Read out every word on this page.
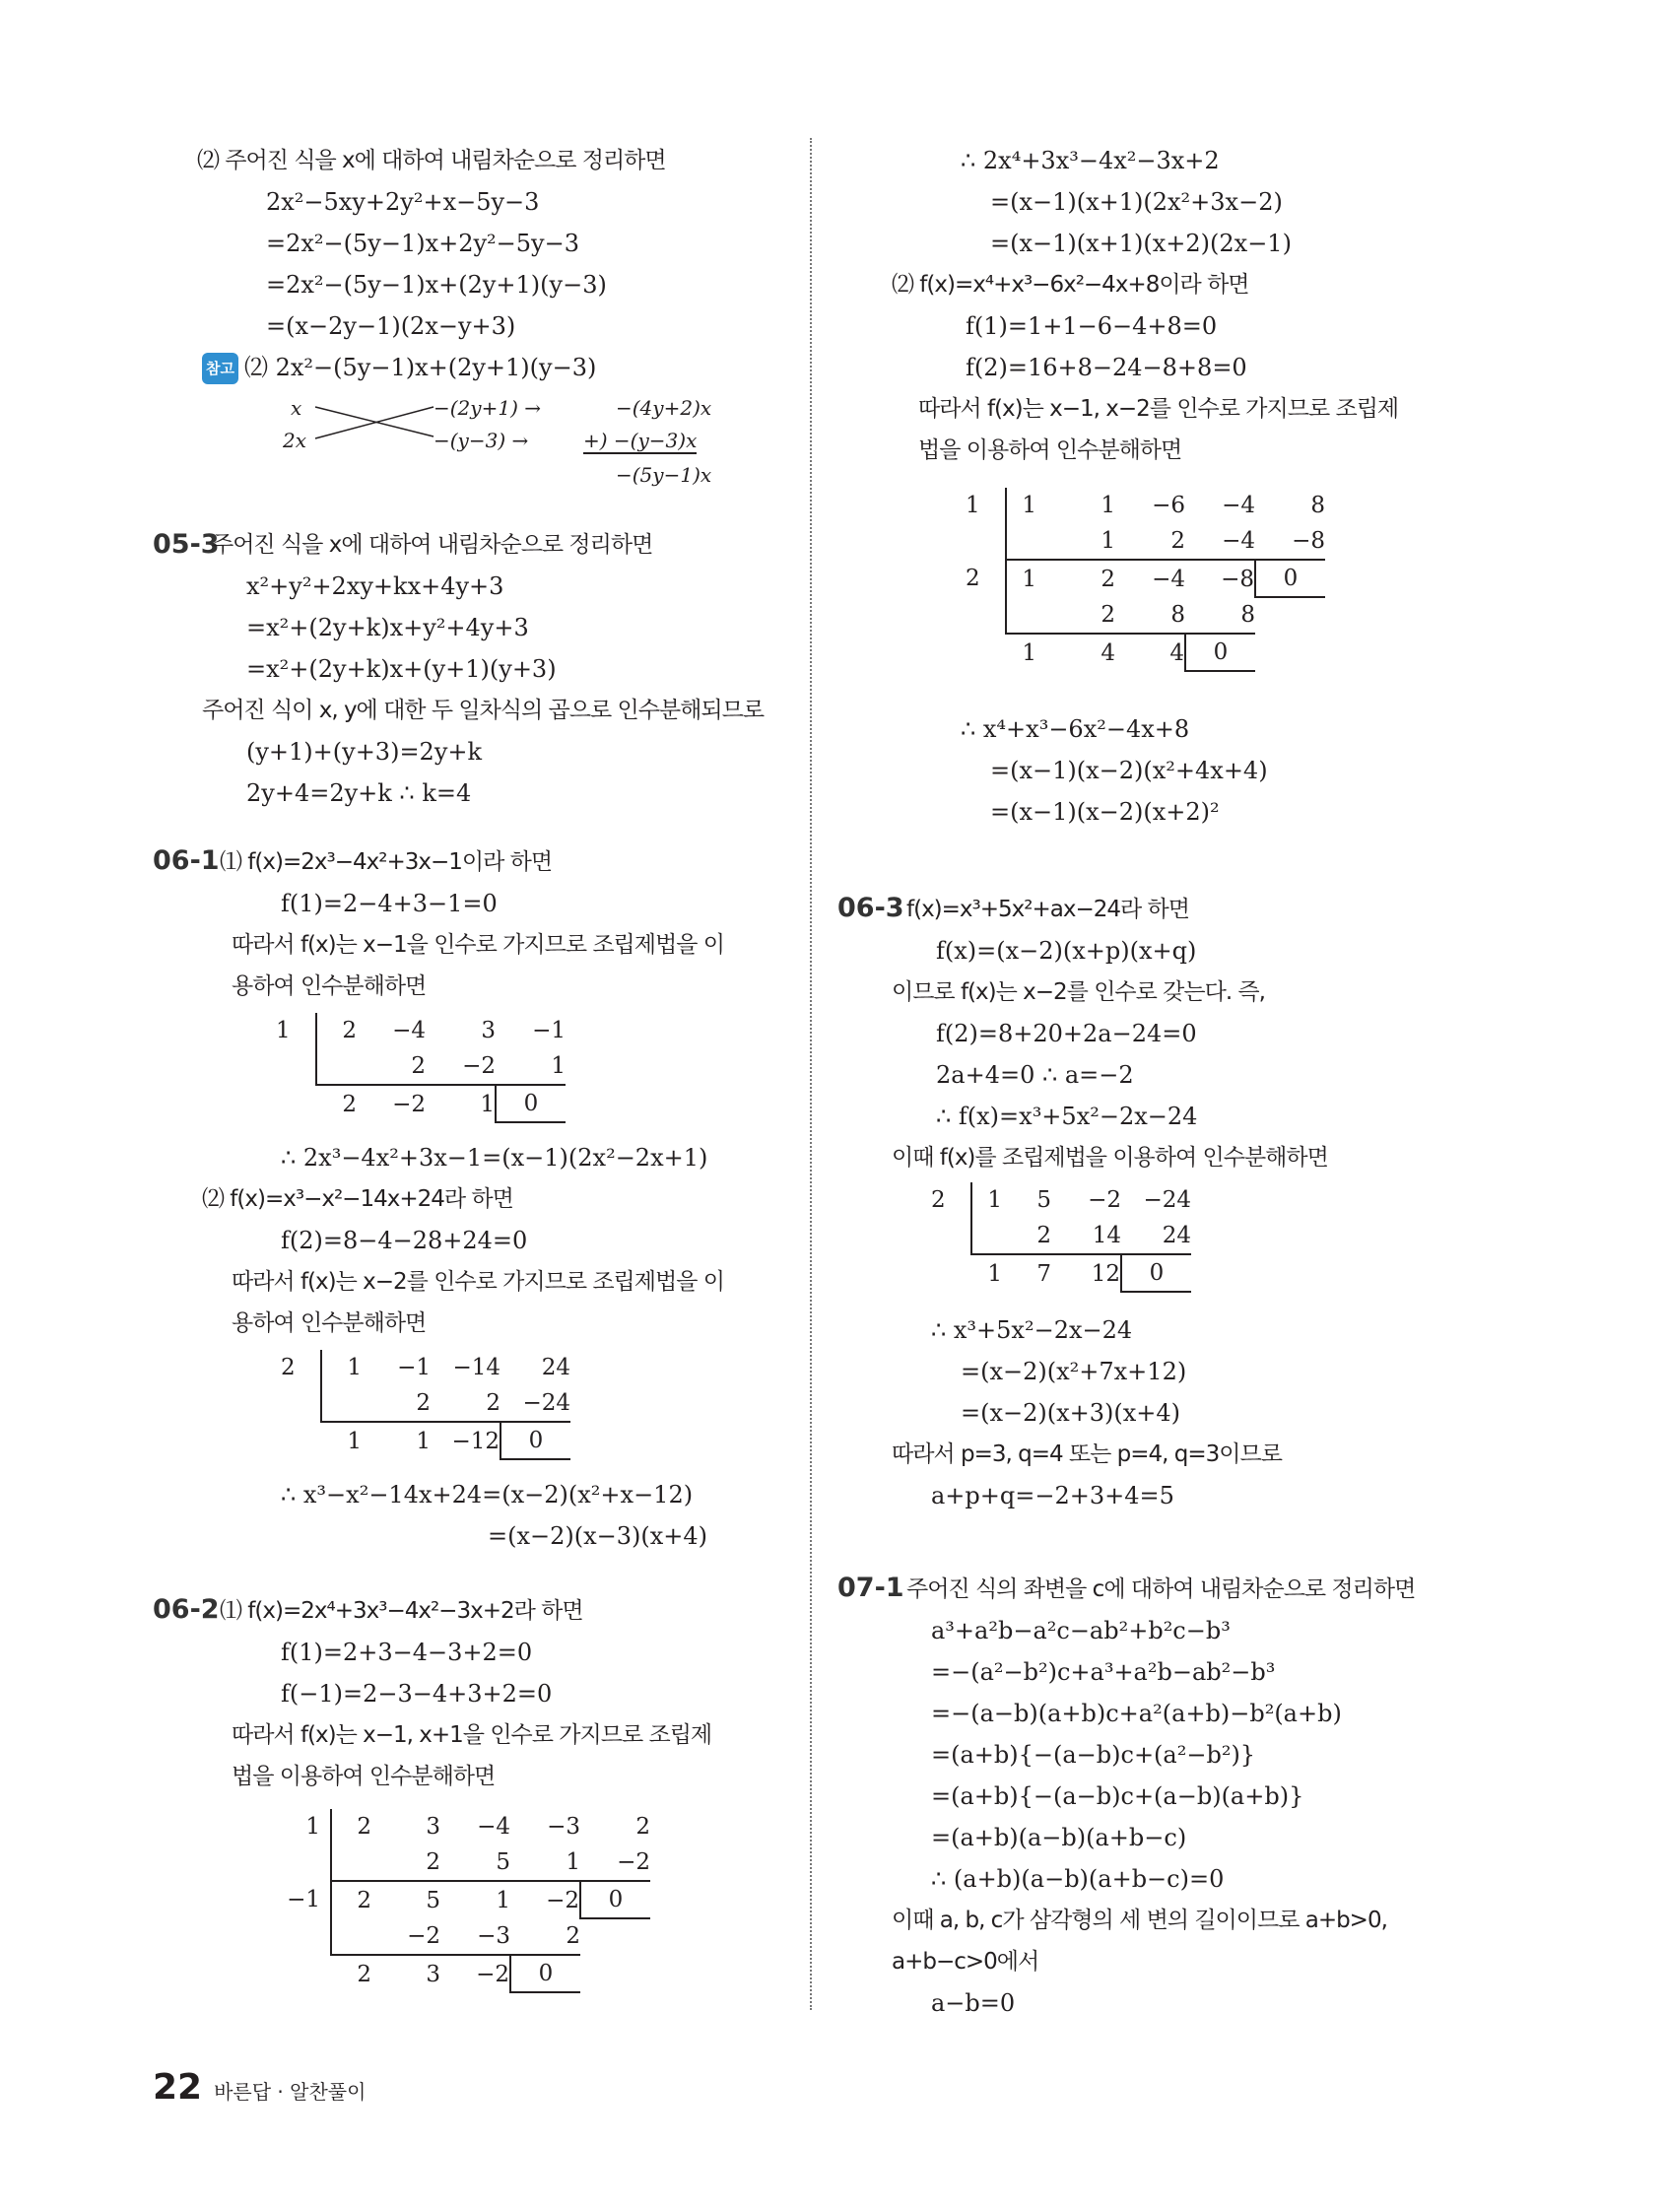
⑵ 주어진 식을 x에 대하여 내림차순으로 정리하면
2x²−5xy+2y²+x−5y−3
=2x²−(5y−1)x+2y²−5y−3
=2x²−(5y−1)x+(2y+1)(y−3)
=(x−2y−1)(2x−y+3)
참고 ⑵ 2x²−(5y−1)x+(2y+1)(y−3)
x	−(2y+1) →	−(4y+2)x
2x	−(y−3) →	+) −(y−3)x
−(5y−1)x
05-3
주어진 식을 x에 대하여 내림차순으로 정리하면
x²+y²+2xy+kx+4y+3
=x²+(2y+k)x+y²+4y+3
=x²+(2y+k)x+(y+1)(y+3)
주어진 식이 x, y에 대한 두 일차식의 곱으로 인수분해되므로
(y+1)+(y+3)=2y+k
2y+4=2y+k ∴ k=4
06-1 ⑴ f(x)=2x³−4x²+3x−1이라 하면
f(1)=2−4+3−1=0
따라서 f(x)는 x−1을 인수로 가지므로 조립제법을 이
용하여 인수분해하면
1	2	−4	3	−1
		2	−2	1
	2	−2	1	0
∴ 2x³−4x²+3x−1=(x−1)(2x²−2x+1)
⑵ f(x)=x³−x²−14x+24라 하면
f(2)=8−4−28+24=0
따라서 f(x)는 x−2를 인수로 가지므로 조립제법을 이
용하여 인수분해하면
2	1	−1	−14	24
		2	2	−24
	1	1	−12	0
∴ x³−x²−14x+24=(x−2)(x²+x−12)
=(x−2)(x−3)(x+4)
06-2 ⑴ f(x)=2x⁴+3x³−4x²−3x+2라 하면
f(1)=2+3−4−3+2=0
f(−1)=2−3−4+3+2=0
따라서 f(x)는 x−1, x+1을 인수로 가지므로 조립제
법을 이용하여 인수분해하면
1	2	3	−4	−3	2
		2	5	1	−2
−1	2	5	1	−2	0
		−2	−3	2	
	2	3	−2	0	
∴ 2x⁴+3x³−4x²−3x+2
=(x−1)(x+1)(2x²+3x−2)
=(x−1)(x+1)(x+2)(2x−1)
⑵ f(x)=x⁴+x³−6x²−4x+8이라 하면
f(1)=1+1−6−4+8=0
f(2)=16+8−24−8+8=0
따라서 f(x)는 x−1, x−2를 인수로 가지므로 조립제
법을 이용하여 인수분해하면
1	1	1	−6	−4	8
		1	2	−4	−8
2	1	2	−4	−8	0
		2	8	8	
	1	4	4	0	
∴ x⁴+x³−6x²−4x+8
=(x−1)(x−2)(x²+4x+4)
=(x−1)(x−2)(x+2)²
06-3 f(x)=x³+5x²+ax−24라 하면
f(x)=(x−2)(x+p)(x+q)
이므로 f(x)는 x−2를 인수로 갖는다. 즉,
f(2)=8+20+2a−24=0
2a+4=0 ∴ a=−2
∴ f(x)=x³+5x²−2x−24
이때 f(x)를 조립제법을 이용하여 인수분해하면
2	1	5	−2	−24
		2	14	24
	1	7	12	0
∴ x³+5x²−2x−24
=(x−2)(x²+7x+12)
=(x−2)(x+3)(x+4)
따라서 p=3, q=4 또는 p=4, q=3이므로
a+p+q=−2+3+4=5
07-1 주어진 식의 좌변을 c에 대하여 내림차순으로 정리하면
a³+a²b−a²c−ab²+b²c−b³
=−(a²−b²)c+a³+a²b−ab²−b³
=−(a−b)(a+b)c+a²(a+b)−b²(a+b)
=(a+b){−(a−b)c+(a²−b²)}
=(a+b){−(a−b)c+(a−b)(a+b)}
=(a+b)(a−b)(a+b−c)
∴ (a+b)(a−b)(a+b−c)=0
이때 a, b, c가 삼각형의 세 변의 길이이므로 a+b>0,
a+b−c>0에서
a−b=0
22 바른답 · 알찬풀이
